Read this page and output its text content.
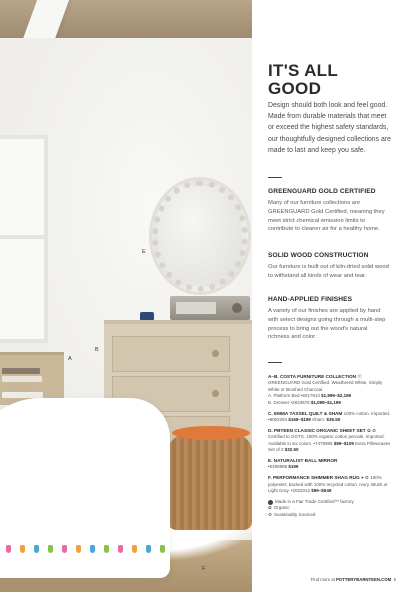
A
B
E
F
IT'S ALL GOOD

Design should both look and feel good. Made from durable materials that meet or exceed the highest safety standards, our thoughtfully designed collections are made to last and keep you safe.

GREENGUARD GOLD CERTIFIED

Many of our furniture collections are GREENGUARD Gold Certified, meaning they meet strict chemical emission limits to contribute to cleaner air for a healthy home.

SOLID WOOD CONSTRUCTION

Our furniture is built out of kiln-dried solid wood to withstand all kinds of wear and tear.

HAND-APPLIED FINISHES

A variety of our finishes are applied by hand with select designs going through a multi-step process to bring out the wood's natural richness and color.

A–B. COSTA FURNITURE COLLECTION Ⓡ
GREENGUARD Gold Certified. Weathered White, Simply White or Brushed Charcoal.
A. Platform Bed •5017913 $1,999–$2,199
B. Dresser •2833678 $1,099–$1,199
C. EMMA TASSEL QUILT & SHAM 100% cotton. Imported. •8002284 $169–$199 Sham: $35.50
D. PBTEEN CLASSIC ORGANIC SHEET SET ✿ ♻ Certified to GOTS. 100% organic cotton percale. Imported. Available in six colors. •7479986 $59–$109 Extra Pillowcases Set of 2 $32.50
E. NATURALIST BALL MIRROR
•5498889 $199
F. PERFORMANCE SHIMMER SHAG RUG ● ♻ 100% polyester; backed with 100% recycled cotton. Ivory, Blush or Light Gray. •2022012 $99–$549
Made in a Fair Trade Certified™ factory
✿ Organic
♻ Sustainably Sourced
Find more at POTTERYBARNTEEN.COM 5
